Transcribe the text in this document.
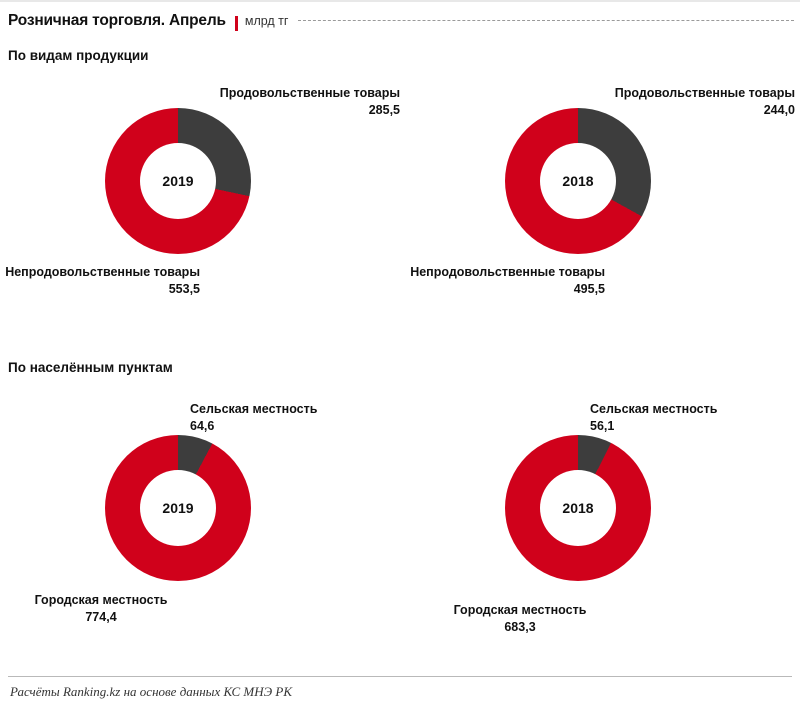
Розничная торговля. Апрель млрд тг
По видам продукции
2019
Продовольственные товары
285,5
Непродовольственные товары
553,5
2018
Продовольственные товары
244,0
Непродовольственные товары
495,5
По населённым пунктам
2019
Сельская местность
64,6
Городская местность
774,4
2018
Сельская местность
56,1
Городская местность
683,3
Расчёты Ranking.kz на основе данных КС МНЭ РК
